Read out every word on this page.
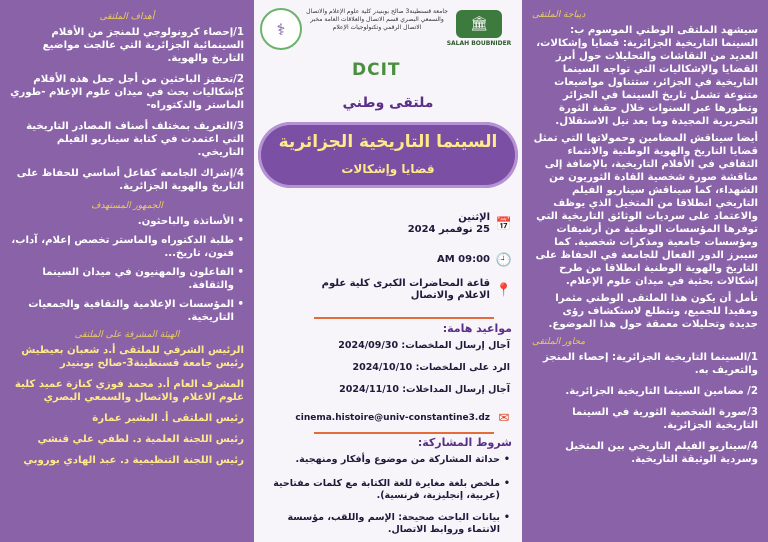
أهداف الملتقى

1/إحصاء كرونولوجي للمنجز من الأفلام السينمائية الجزائرية التي عالجت مواضيع التاريخ والهوية.

2/تحفيز الباحثين من أجل جعل هذه الأفلام كإشكاليات بحث في ميدان علوم الإعلام -طوري الماستر والدكتوراه-

3/التعريف بمختلف أصناف المصادر التاريخية التي اعتمدت في كتابة سيناريو الفيلم التاريخي.

4/إشراك الجامعة كفاعل أساسي للحفاظ على التاريخ والهوية الجزائرية.

الجمهور المستهدف

• الأساتذة والباحثون.

• طلبة الدكتوراه والماستر تخصص إعلام، آداب، فنون، تاريخ...

• الفاعلون والمهنيون في ميدان السينما والثقافة.

• المؤسسات الإعلامية والثقافية والجمعيات التاريخية.

الهيئة المشرفة على الملتقى

الرئيس الشرفي للملتقى أ.د شعبان بعيطيش رئيس جامعة قسنطينة3-صالح بوبنيدر

المشرف العام أ.د محمد فوزي كنازة عميد كلية علوم الاعلام والاتصال والسمعي البصري

رئيس الملتقى أ. البشير عمارة

رئيس اللجنة العلمية د. لطفي علي قنشي

رئيس اللجنة التنظيمية د. عبد الهادي بوروبي

⚕
جامعة قسنطينة3 صالح بوبنيدر كلية علوم الإعلام والاتصال والسمعي البصري قسم الاتصال والعلاقات العامة مخبر الاتصال الرقمي وتكنولوجيات الإعلام	🏛
SALAH BOUBNIDER
DCIT
ملتقى وطني
السينما التاريخية الجزائرية
قضايا وإشكالات
📅
الإثنين
25 نوفمبر 2024
🕘
09:00 AM
📍
قاعة المحاضرات الكبرى كلية علوم الاعلام والاتصال
مواعيد هامة:
آجال إرسال الملخصات: 2024/09/30
الرد على الملخصات: 2024/10/10
آجال إرسال المداخلات: 2024/11/10
✉
cinema.histoire@univ-constantine3.dz
شروط المشاركة:
• حداثة المشاركة من موضوع وأفكار ومنهجية.
• ملخص بلغة مغايرة للغة الكتابة مع كلمات مفتاحية (عربية، إنجليزية، فرنسية).
• بيانات الباحث صحيحة: الإسم واللقب، مؤسسة الانتماء وروابط الاتصال.
ديباجة الملتقى

سيشهد الملتقى الوطني الموسوم ب: السينما التاريخية الجزائرية: قضايا وإشكالات، العديد من النقاشات والتحليلات حول أبرز القضايا والإشكاليات التي تواجه السينما التاريخية في الجزائر، ستتناول مواضيعات متنوعة تشمل تاريخ السينما في الجزائر وتطورها عبر السنوات خلال حقبة الثورة التحريرية المجيدة وما بعد نيل الاستقلال.

أيضا سيناقش المضامين وحمولاتها التي تمثل قضايا التاريخ والهوية الوطنية والانتماء الثقافي في الأفلام التاريخية، بالإضافة إلى مناقشة صورة شخصية القادة الثوريون من الشهداء، كما سيناقش سيناريو الفيلم التاريخي انطلاقا من المتخيل الذي يوظف والاعتماد على سرديات الوثائق التاريخية التي توفرها المؤسسات الوطنية من أرشيفات ومؤسسات جامعية ومذكرات شخصية. كما سيبرز الدور الفعال للجامعة في الحفاظ على التاريخ والهوية الوطنية انطلاقا من طرح إشكالات بحثية في ميدان علوم الإعلام.

نأمل أن يكون هذا الملتقى الوطني مثمرا ومفيدا للجميع، ونتطلع لاستكشاف رؤى جديدة وتحليلات معمقة حول هذا الموضوع.

محاور الملتقى

1/السينما التاريخية الجزائرية: إحصاء المنجز والتعريف به.

2/ مضامين السينما التاريخية الجزائرية.

3/صورة الشخصية الثورية في السينما التاريخية الجزائرية.

4/سيناريو الفيلم التاريخي بين المتخيل وسردية الوثيقة التاريخية.
